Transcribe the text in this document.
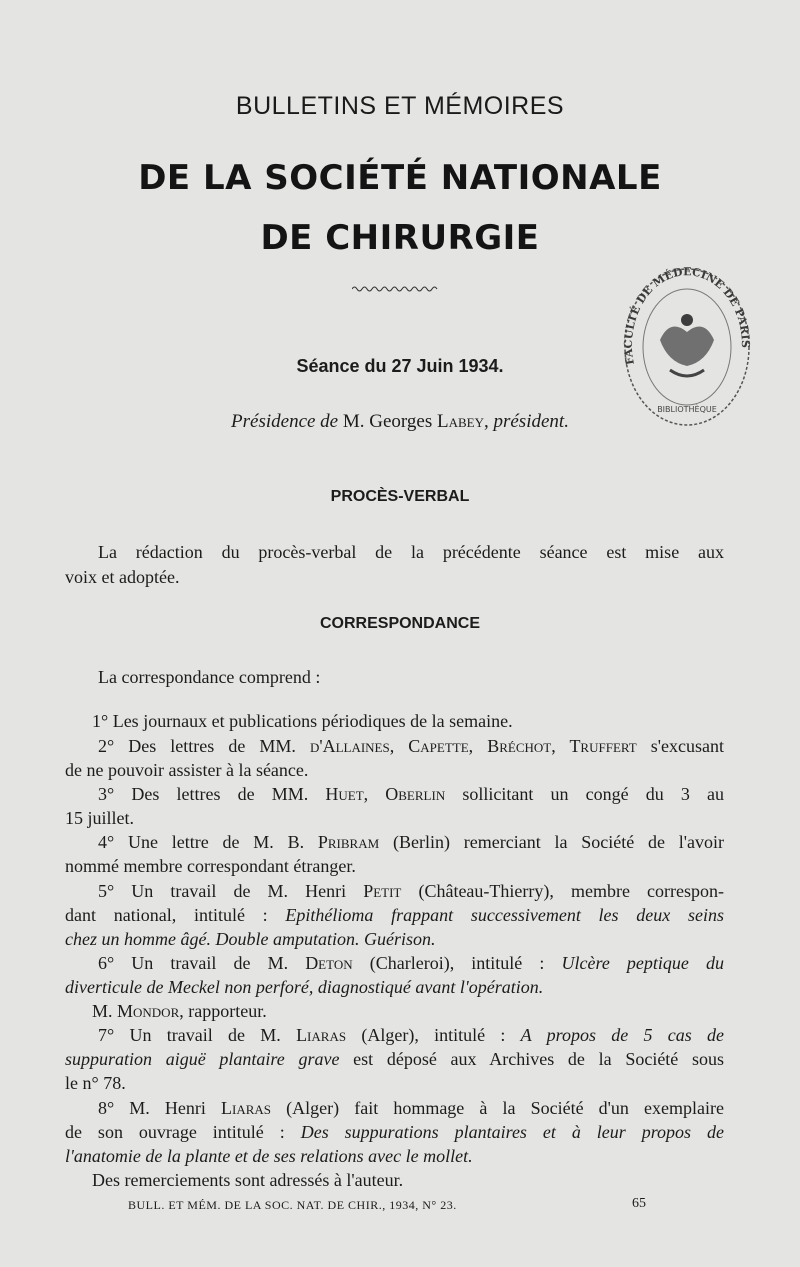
BULLETINS ET MÉMOIRES
DE LA SOCIÉTÉ NATIONALE
DE CHIRURGIE
FACULTÉ DE MÉDECINE DE PARIS
BIBLIOTHÈQUE
Séance du 27 Juin 1934.
Présidence de M. Georges Labey, président.
PROCÈS-VERBAL
La rédaction du procès-verbal de la précédente séance est mise aux
voix et adoptée.
CORRESPONDANCE
La correspondance comprend :
1° Les journaux et publications périodiques de la semaine.
2° Des lettres de MM. d'Allaines, Capette, Bréchot, Truffert s'excusant
de ne pouvoir assister à la séance.
3° Des lettres de MM. Huet, Oberlin sollicitant un congé du 3 au
15 juillet.
4° Une lettre de M. B. Pribram (Berlin) remerciant la Société de l'avoir
nommé membre correspondant étranger.
5° Un travail de M. Henri Petit (Château-Thierry), membre correspon-
dant national, intitulé : Epithélioma frappant successivement les deux seins
chez un homme âgé. Double amputation. Guérison.
6° Un travail de M. Deton (Charleroi), intitulé : Ulcère peptique du
diverticule de Meckel non perforé, diagnostiqué avant l'opération.
M. Mondor, rapporteur.
7° Un travail de M. Liaras (Alger), intitulé : A propos de 5 cas de
suppuration aiguë plantaire grave est déposé aux Archives de la Société sous
le n° 78.
8° M. Henri Liaras (Alger) fait hommage à la Société d'un exemplaire
de son ouvrage intitulé : Des suppurations plantaires et à leur propos de
l'anatomie de la plante et de ses relations avec le mollet.
Des remerciements sont adressés à l'auteur.
BULL. ET MÉM. DE LA SOC. NAT. DE CHIR., 1934, N° 23.	65
